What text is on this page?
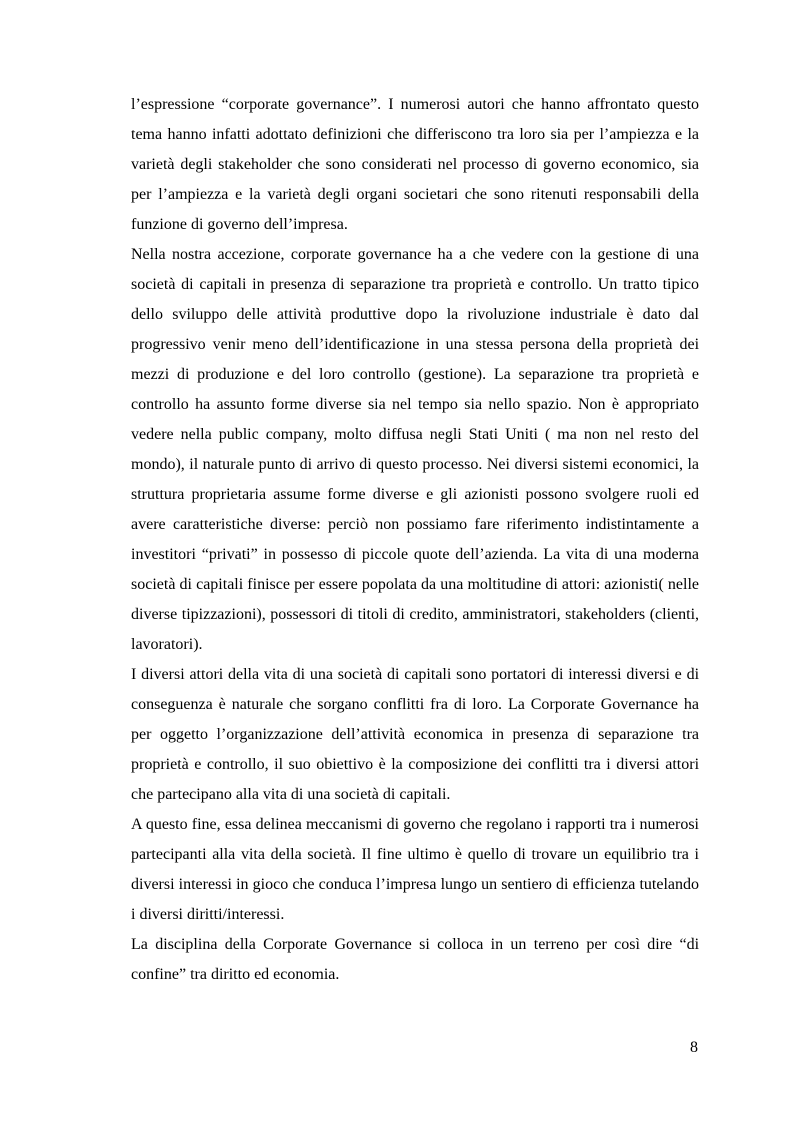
l’espressione “corporate governance”. I numerosi autori che hanno affrontato questo tema hanno infatti adottato definizioni che differiscono tra loro sia per l’ampiezza e la varietà degli stakeholder che sono considerati nel processo di governo economico, sia per l’ampiezza e la varietà degli organi societari che sono ritenuti responsabili della funzione di governo dell’impresa.

Nella nostra accezione, corporate governance ha a che vedere con la gestione di una società di capitali in presenza di separazione tra proprietà e controllo. Un tratto tipico dello sviluppo delle attività produttive dopo la rivoluzione industriale è dato dal progressivo venir meno dell’identificazione in una stessa persona della proprietà dei mezzi di produzione e del loro controllo (gestione). La separazione tra proprietà e controllo ha assunto forme diverse sia nel tempo sia nello spazio. Non è appropriato vedere nella public company, molto diffusa negli Stati Uniti ( ma non nel resto del mondo), il naturale punto di arrivo di questo processo. Nei diversi sistemi economici, la struttura proprietaria assume forme diverse e gli azionisti possono svolgere ruoli ed avere caratteristiche diverse: perciò non possiamo fare riferimento indistintamente a investitori “privati” in possesso di piccole quote dell’azienda. La vita di una moderna società di capitali finisce per essere popolata da una moltitudine di attori: azionisti( nelle diverse tipizzazioni), possessori di titoli di credito, amministratori, stakeholders (clienti, lavoratori).

I diversi attori della vita di una società di capitali sono portatori di interessi diversi e di conseguenza è naturale che sorgano conflitti fra di loro. La Corporate Governance ha per oggetto l’organizzazione dell’attività economica in presenza di separazione tra proprietà e controllo, il suo obiettivo è la composizione dei conflitti tra i diversi attori che partecipano alla vita di una società di capitali.

A questo fine, essa delinea meccanismi di governo che regolano i rapporti tra i numerosi partecipanti alla vita della società. Il fine ultimo è quello di trovare un equilibrio tra i diversi interessi in gioco che conduca l’impresa lungo un sentiero di efficienza tutelando i diversi diritti/interessi.

La disciplina della Corporate Governance si colloca in un terreno per così dire “di confine” tra diritto ed economia.

8
